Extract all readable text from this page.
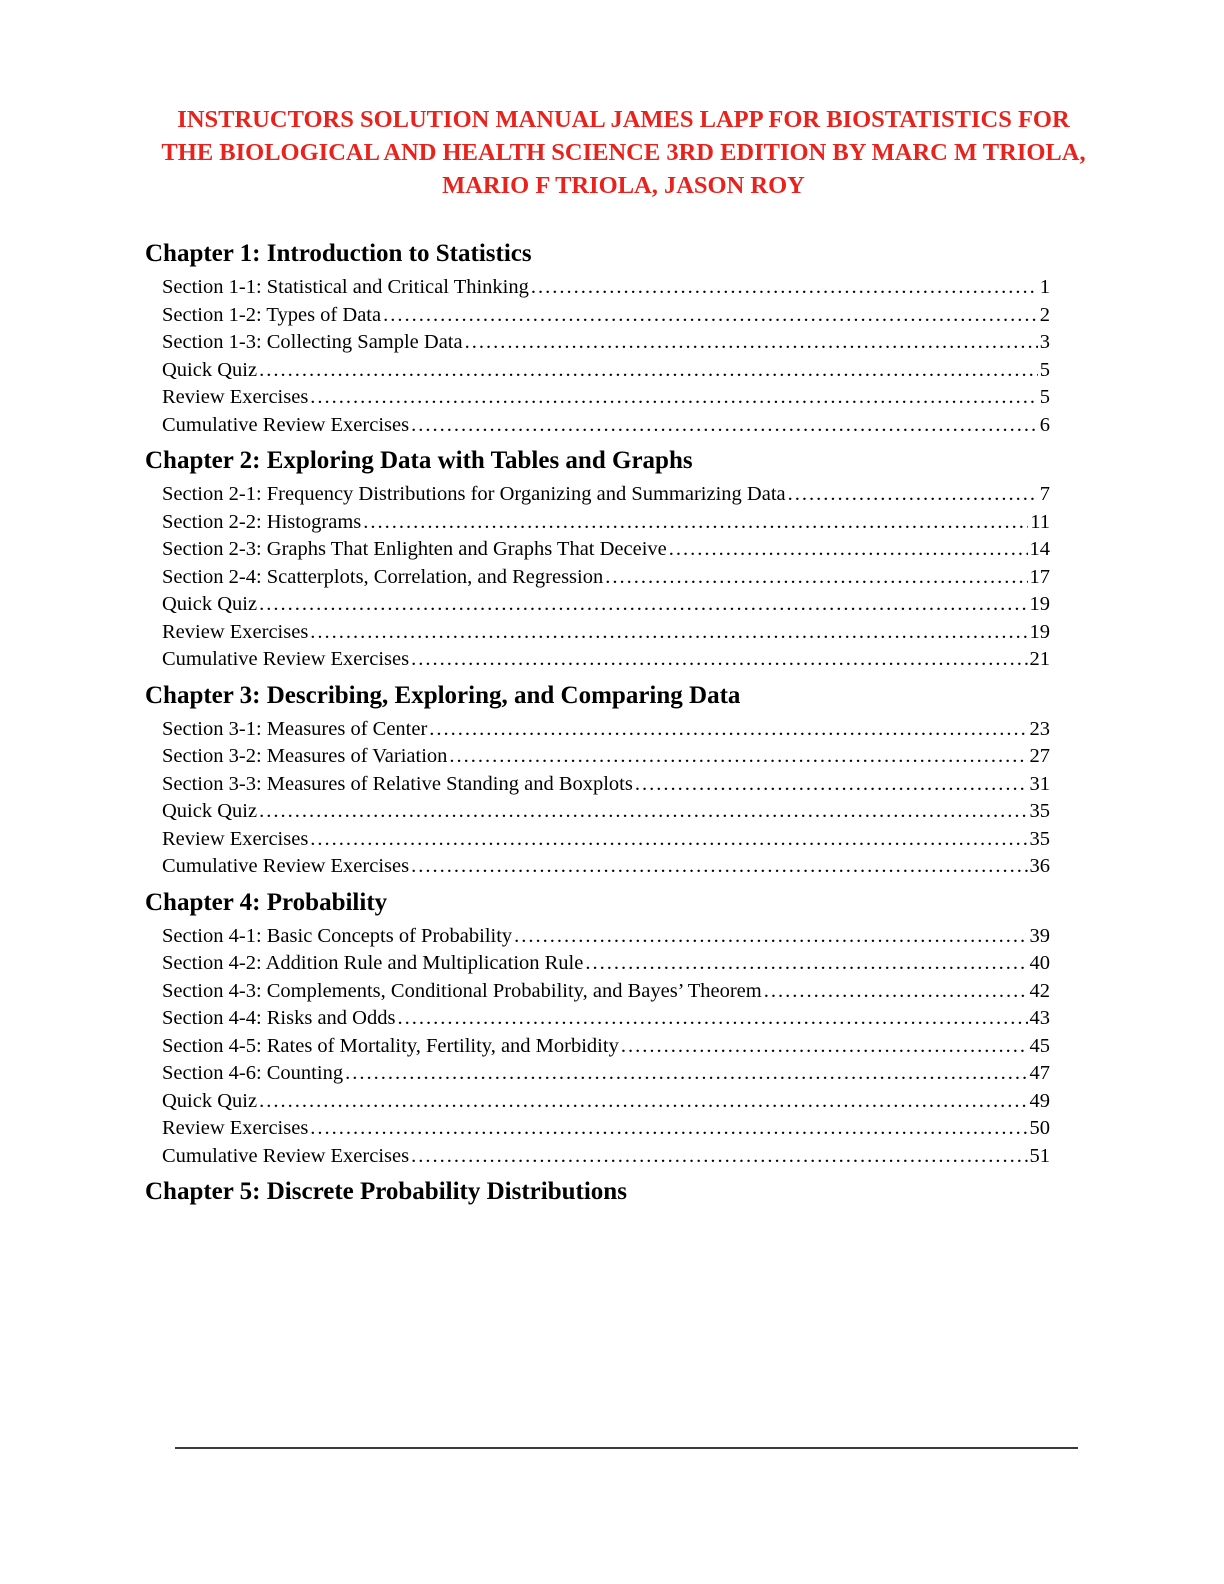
INSTRUCTORS SOLUTION MANUAL JAMES LAPP FOR BIOSTATISTICS FOR
THE BIOLOGICAL AND HEALTH SCIENCE 3RD EDITION BY MARC M TRIOLA,
MARIO F TRIOLA, JASON ROY
Chapter 1: Introduction to Statistics
Section 1-1: Statistical and Critical Thinking .....	1
Section 1-2: Types of Data .....	2
Section 1-3: Collecting Sample Data .....	3
Quick Quiz .....	5
Review Exercises .....	5
Cumulative Review Exercises .....	6
Chapter 2: Exploring Data with Tables and Graphs
Section 2-1: Frequency Distributions for Organizing and Summarizing Data .....	7
Section 2-2: Histograms .....	11
Section 2-3: Graphs That Enlighten and Graphs That Deceive .....	14
Section 2-4: Scatterplots, Correlation, and Regression .....	17
Quick Quiz .....	19
Review Exercises .....	19
Cumulative Review Exercises .....	21
Chapter 3: Describing, Exploring, and Comparing Data
Section 3-1: Measures of Center .....	23
Section 3-2: Measures of Variation .....	27
Section 3-3: Measures of Relative Standing and Boxplots .....	31
Quick Quiz .....	35
Review Exercises .....	35
Cumulative Review Exercises .....	36
Chapter 4: Probability
Section 4-1: Basic Concepts of Probability .....	39
Section 4-2: Addition Rule and Multiplication Rule .....	40
Section 4-3: Complements, Conditional Probability, and Bayes’ Theorem .....	42
Section 4-4: Risks and Odds .....	43
Section 4-5: Rates of Mortality, Fertility, and Morbidity .....	45
Section 4-6: Counting .....	47
Quick Quiz .....	49
Review Exercises .....	50
Cumulative Review Exercises .....	51
Chapter 5: Discrete Probability Distributions
